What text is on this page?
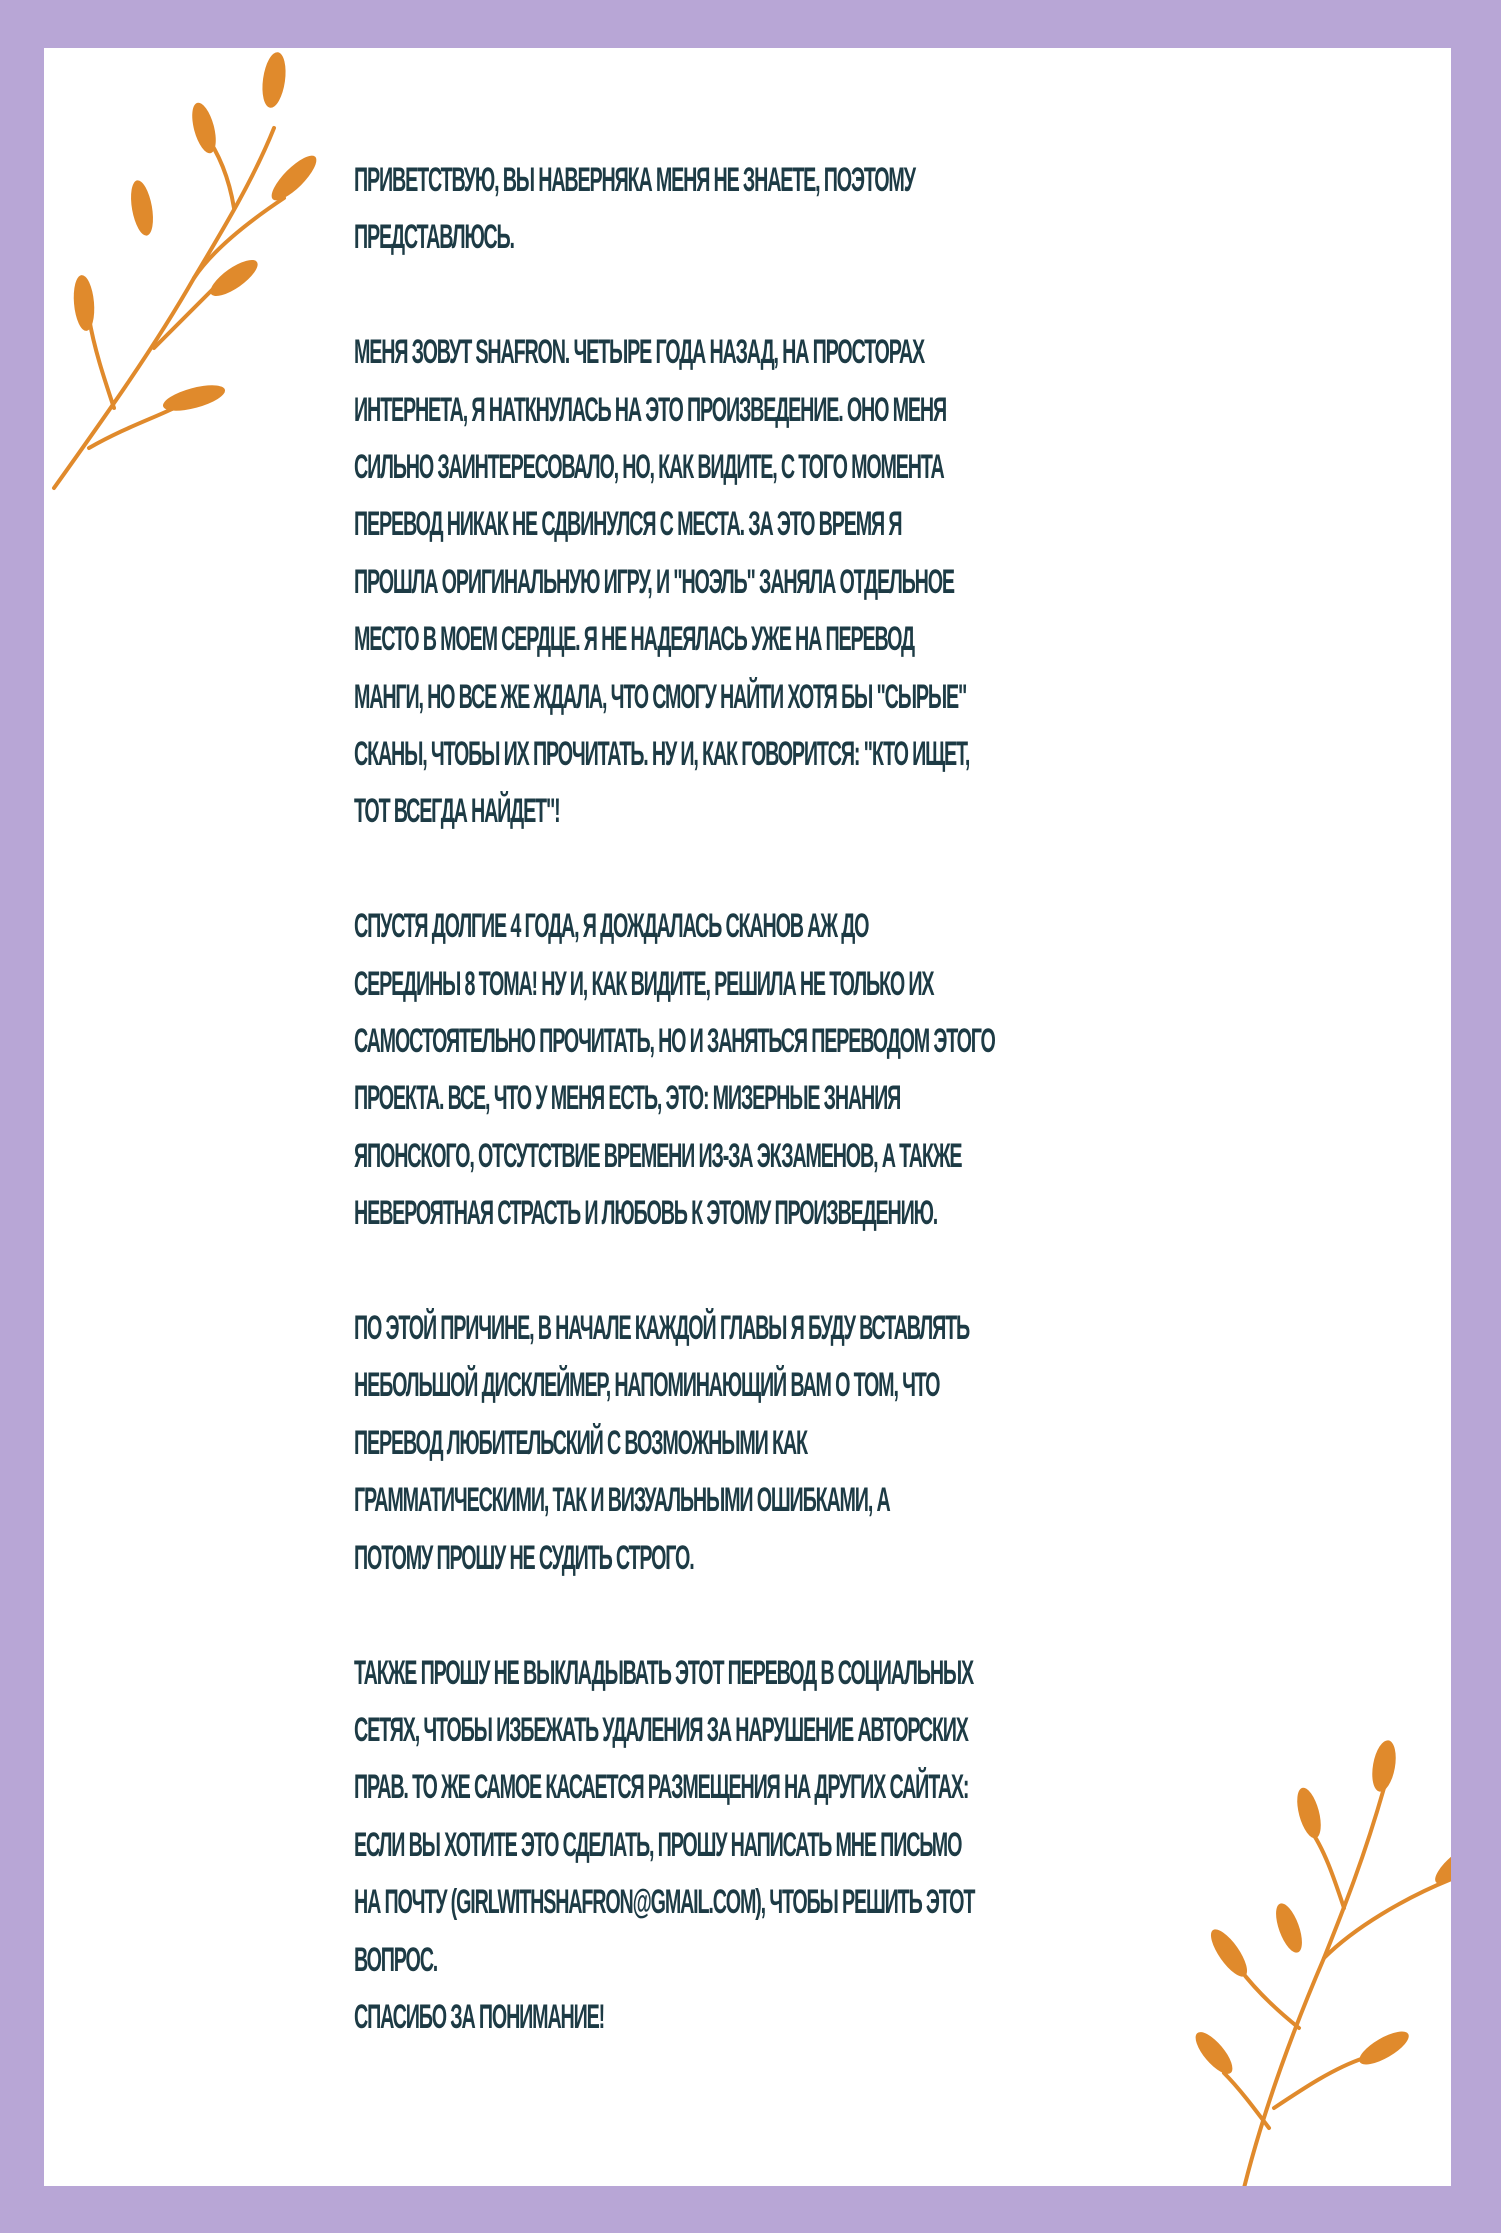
ПРИВЕТСТВУЮ, ВЫ НАВЕРНЯКА МЕНЯ НЕ ЗНАЕТЕ, ПОЭТОМУ
ПРЕДСТАВЛЮСЬ.

МЕНЯ ЗОВУТ SHAFRON. ЧЕТЫРЕ ГОДА НАЗАД, НА ПРОСТОРАХ
ИНТЕРНЕТА, Я НАТКНУЛАСЬ НА ЭТО ПРОИЗВЕДЕНИЕ. ОНО МЕНЯ
СИЛЬНО ЗАИНТЕРЕСОВАЛО, НО, КАК ВИДИТЕ, С ТОГО МОМЕНТА
ПЕРЕВОД НИКАК НЕ СДВИНУЛСЯ С МЕСТА. ЗА ЭТО ВРЕМЯ Я
ПРОШЛА ОРИГИНАЛЬНУЮ ИГРУ, И "НОЭЛЬ" ЗАНЯЛА ОТДЕЛЬНОЕ
МЕСТО В МОЕМ СЕРДЦЕ. Я НЕ НАДЕЯЛАСЬ УЖЕ НА ПЕРЕВОД
МАНГИ, НО ВСЕ ЖЕ ЖДАЛА, ЧТО СМОГУ НАЙТИ ХОТЯ БЫ "СЫРЫЕ"
СКАНЫ, ЧТОБЫ ИХ ПРОЧИТАТЬ. НУ И, КАК ГОВОРИТСЯ: "КТО ИЩЕТ,
ТОТ ВСЕГДА НАЙДЕТ"!

СПУСТЯ ДОЛГИЕ 4 ГОДА, Я ДОЖДАЛАСЬ СКАНОВ АЖ ДО
СЕРЕДИНЫ 8 ТОМА! НУ И, КАК ВИДИТЕ, РЕШИЛА НЕ ТОЛЬКО ИХ
САМОСТОЯТЕЛЬНО ПРОЧИТАТЬ, НО И ЗАНЯТЬСЯ ПЕРЕВОДОМ ЭТОГО
ПРОЕКТА. ВСЕ, ЧТО У МЕНЯ ЕСТЬ, ЭТО: МИЗЕРНЫЕ ЗНАНИЯ
ЯПОНСКОГО, ОТСУТСТВИЕ ВРЕМЕНИ ИЗ-ЗА ЭКЗАМЕНОВ, А ТАКЖЕ
НЕВЕРОЯТНАЯ СТРАСТЬ И ЛЮБОВЬ К ЭТОМУ ПРОИЗВЕДЕНИЮ.

ПО ЭТОЙ ПРИЧИНЕ, В НАЧАЛЕ КАЖДОЙ ГЛАВЫ Я БУДУ ВСТАВЛЯТЬ
НЕБОЛЬШОЙ ДИСКЛЕЙМЕР, НАПОМИНАЮЩИЙ ВАМ О ТОМ, ЧТО
ПЕРЕВОД ЛЮБИТЕЛЬСКИЙ С ВОЗМОЖНЫМИ КАК
ГРАММАТИЧЕСКИМИ, ТАК И ВИЗУАЛЬНЫМИ ОШИБКАМИ, А
ПОТОМУ ПРОШУ НЕ СУДИТЬ СТРОГО.

ТАКЖЕ ПРОШУ НЕ ВЫКЛАДЫВАТЬ ЭТОТ ПЕРЕВОД В СОЦИАЛЬНЫХ
СЕТЯХ, ЧТОБЫ ИЗБЕЖАТЬ УДАЛЕНИЯ ЗА НАРУШЕНИЕ АВТОРСКИХ
ПРАВ. ТО ЖЕ САМОЕ КАСАЕТСЯ РАЗМЕЩЕНИЯ НА ДРУГИХ САЙТАХ:
ЕСЛИ ВЫ ХОТИТЕ ЭТО СДЕЛАТЬ, ПРОШУ НАПИСАТЬ МНЕ ПИСЬМО
НА ПОЧТУ (GIRLWITHSHAFRON@GMAIL.COM), ЧТОБЫ РЕШИТЬ ЭТОТ
ВОПРОС.

СПАСИБО ЗА ПОНИМАНИЕ!
